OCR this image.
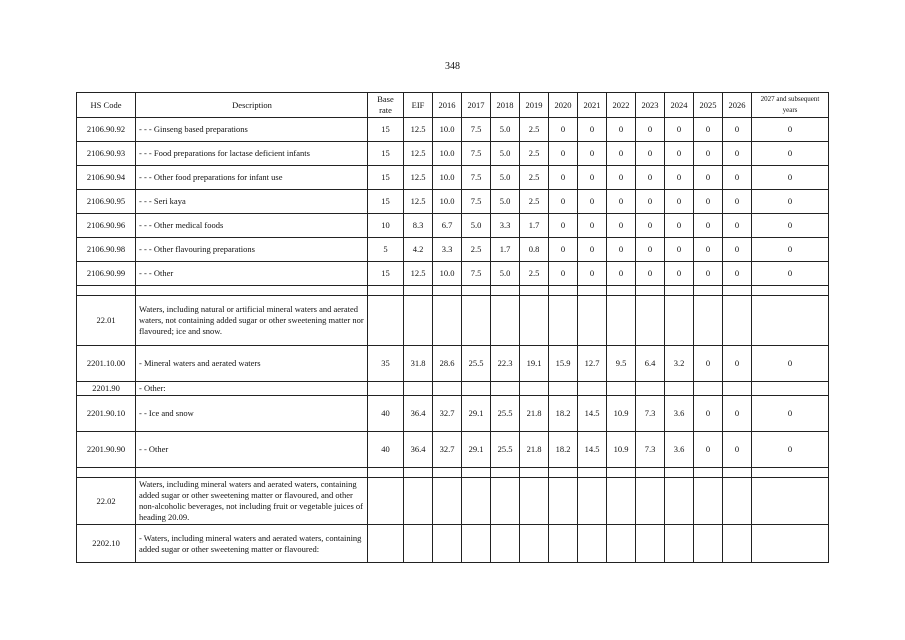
348
HS Code	Description	Base rate	EIF	2016	2017	2018	2019	2020	2021	2022	2023	2024	2025	2026	2027 and subsequent years
2106.90.92	- - - Ginseng based preparations	15	12.5	10.0	7.5	5.0	2.5	0	0	0	0	0	0	0	0
2106.90.93	- - - Food preparations for lactase deficient infants	15	12.5	10.0	7.5	5.0	2.5	0	0	0	0	0	0	0	0
2106.90.94	- - - Other food preparations for infant use	15	12.5	10.0	7.5	5.0	2.5	0	0	0	0	0	0	0	0
2106.90.95	- - - Seri kaya	15	12.5	10.0	7.5	5.0	2.5	0	0	0	0	0	0	0	0
2106.90.96	- - - Other medical foods	10	8.3	6.7	5.0	3.3	1.7	0	0	0	0	0	0	0	0
2106.90.98	- - - Other flavouring preparations	5	4.2	3.3	2.5	1.7	0.8	0	0	0	0	0	0	0	0
2106.90.99	- - - Other	15	12.5	10.0	7.5	5.0	2.5	0	0	0	0	0	0	0	0

22.01	Waters, including natural or artificial mineral waters and aerated waters, not containing added sugar or other sweetening matter nor flavoured; ice and snow.														
2201.10.00	- Mineral waters and aerated waters	35	31.8	28.6	25.5	22.3	19.1	15.9	12.7	9.5	6.4	3.2	0	0	0
2201.90	- Other:														
2201.90.10	- - Ice and snow	40	36.4	32.7	29.1	25.5	21.8	18.2	14.5	10.9	7.3	3.6	0	0	0
2201.90.90	- - Other	40	36.4	32.7	29.1	25.5	21.8	18.2	14.5	10.9	7.3	3.6	0	0	0

22.02	Waters, including mineral waters and aerated waters, containing added sugar or other sweetening matter or flavoured, and other non-alcoholic beverages, not including fruit or vegetable juices of heading 20.09.														
2202.10	- Waters, including mineral waters and aerated waters, containing added sugar or other sweetening matter or flavoured:														
